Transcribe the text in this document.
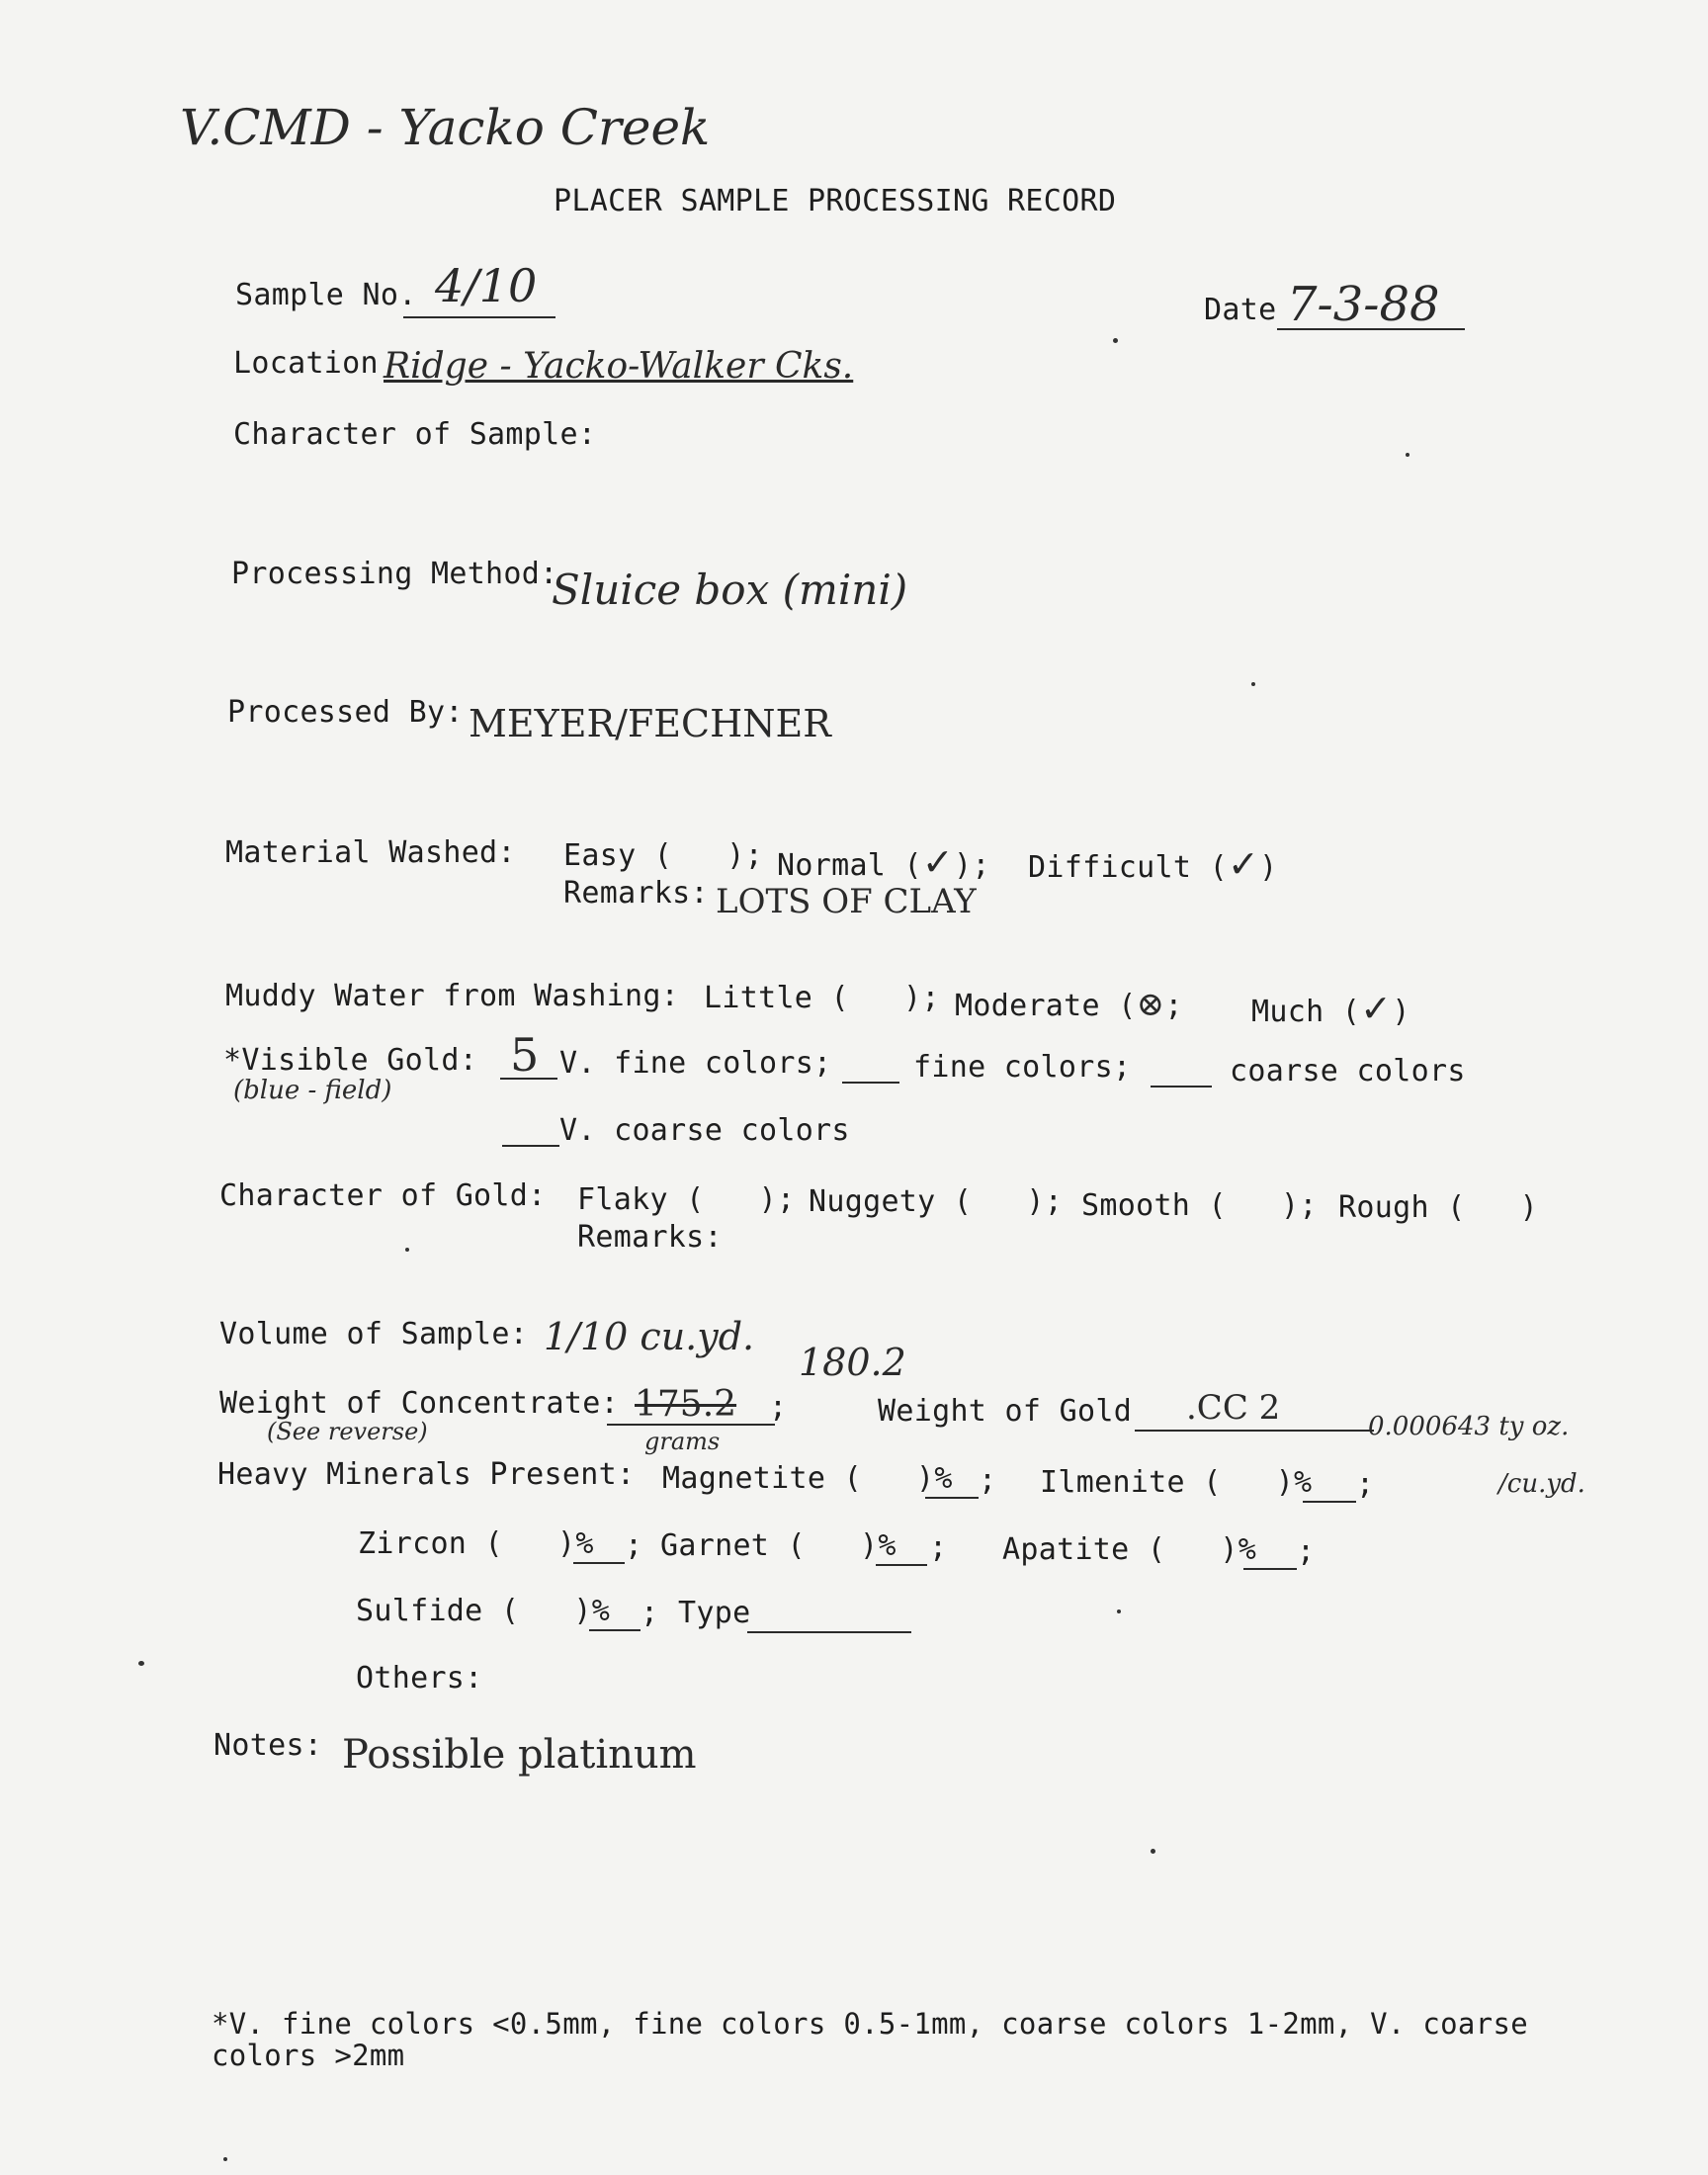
V.CMD - Yacko Creek
PLACER SAMPLE PROCESSING RECORD
Sample No. 4/10	Date 7-3-88
Location Ridge - Yacko-Walker Cks.
Character of Sample:
Processing Method:
Sluice box (mini)
Processed By: MEYER/FECHNER
Material Washed: Easy (   ); Normal (✓); Difficult (✓)
Remarks: LOTS OF CLAY
Muddy Water from Washing: Little (   ); Moderate (⊗; Much (✓)
*Visible Gold:
(blue - field)
5 V. fine colors;	fine colors;	coarse colors
V. coarse colors
Character of Gold: Flaky (   ); Nuggety (   ); Smooth (   ); Rough (   )
Remarks:
Volume of Sample: 1/10 cu.yd.
180.2
Weight of Concentrate:
(See reverse)
175.2 ;
grams
Weight of Gold .CC 2	0.000643 ty oz.
/cu.yd.
Heavy Minerals Present: Magnetite (   )% ; Ilmenite (   )% ;
Zircon (   )% ; Garnet (   )% ; Apatite (   )% ;
Sulfide (   )% ; Type
Others:
Notes: Possible platinum
*V. fine colors <0.5mm, fine colors 0.5-1mm, coarse colors 1-2mm, V. coarse
colors >2mm
